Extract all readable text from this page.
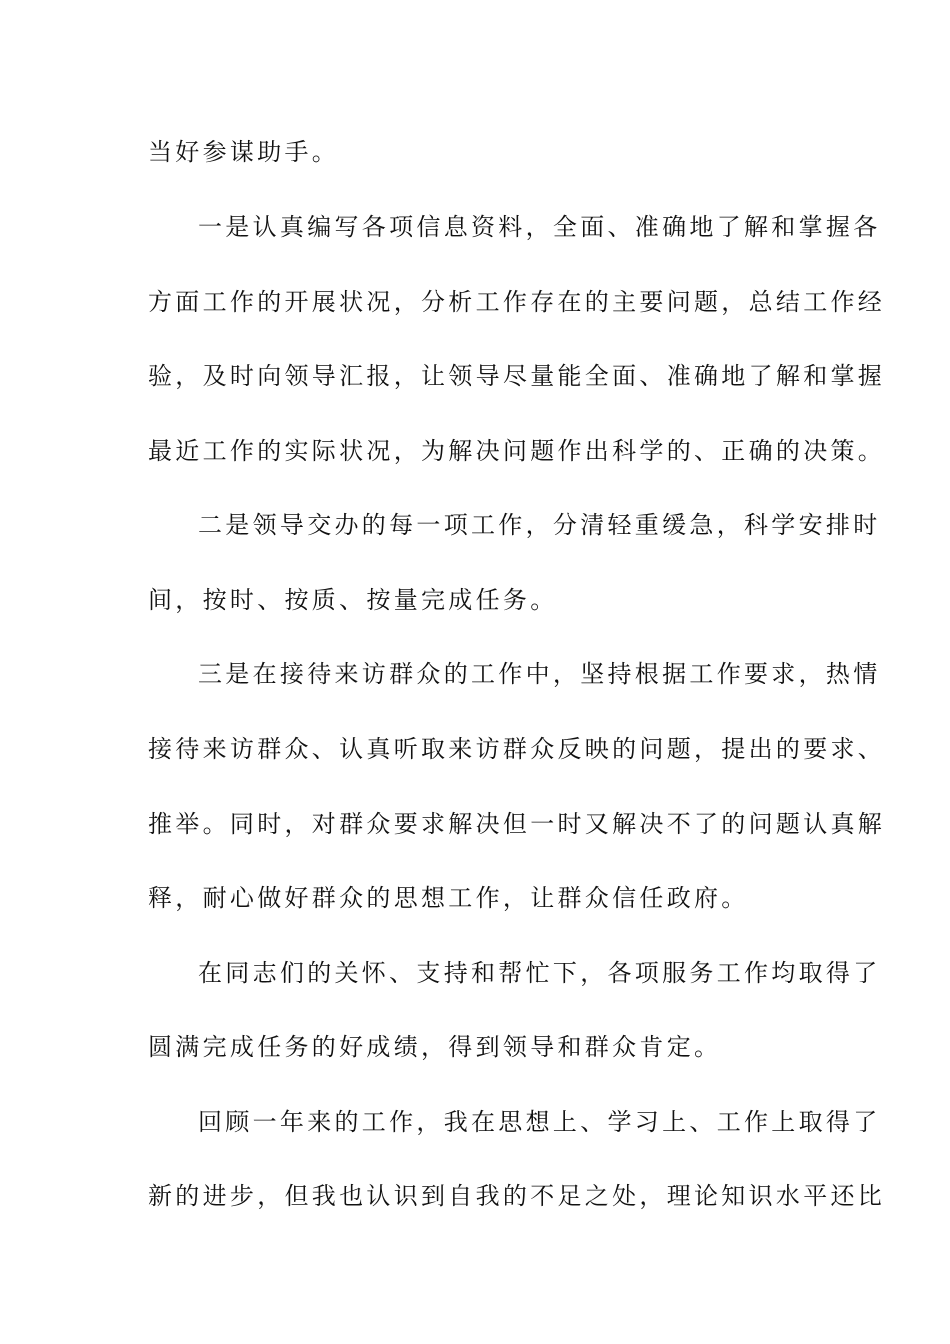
当好参谋助手。
一是认真编写各项信息资料，全面、准确地了解和掌握各
方面工作的开展状况，分析工作存在的主要问题，总结工作经
验，及时向领导汇报，让领导尽量能全面、准确地了解和掌握
最近工作的实际状况，为解决问题作出科学的、正确的决策。
二是领导交办的每一项工作，分清轻重缓急，科学安排时
间，按时、按质、按量完成任务。
三是在接待来访群众的工作中，坚持根据工作要求，热情
接待来访群众、认真听取来访群众反映的问题，提出的要求、
推举。同时，对群众要求解决但一时又解决不了的问题认真解
释，耐心做好群众的思想工作，让群众信任政府。
在同志们的关怀、支持和帮忙下，各项服务工作均取得了
圆满完成任务的好成绩，得到领导和群众肯定。
回顾一年来的工作，我在思想上、学习上、工作上取得了
新的进步，但我也认识到自我的不足之处，理论知识水平还比
